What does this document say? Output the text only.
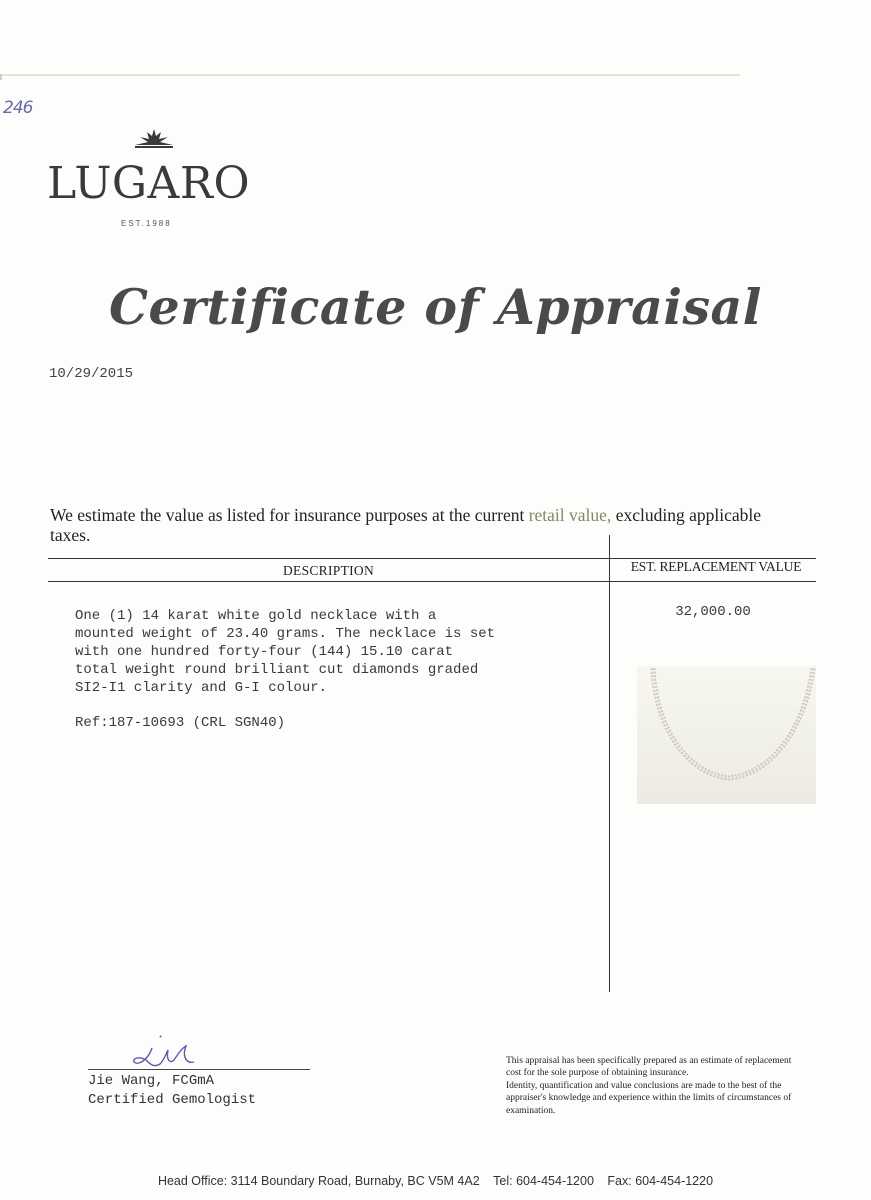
246
LUGARO
EST.1988
Certificate of Appraisal
10/29/2015
We estimate the value as listed for insurance purposes at the current retail value, excluding applicable taxes.
DESCRIPTION	EST. REPLACEMENT VALUE
One (1) 14 karat white gold necklace with a
mounted weight of 23.40 grams. The necklace is set
with one hundred forty-four (144) 15.10 carat
total weight round brilliant cut diamonds graded
SI2-I1 clarity and G-I colour.
Ref:187-10693 (CRL SGN40)
32,000.00
Jie Wang, FCGmA
Certified Gemologist

This appraisal has been specifically prepared as an estimate of replacement cost for the sole purpose of obtaining insurance.

Identity, quantification and value conclusions are made to the best of the appraiser's knowledge and experience within the limits of circumstances of examination.

Head Office: 3114 Boundary Road, Burnaby, BC V5M 4A2 Tel: 604-454-1200 Fax: 604-454-1220
